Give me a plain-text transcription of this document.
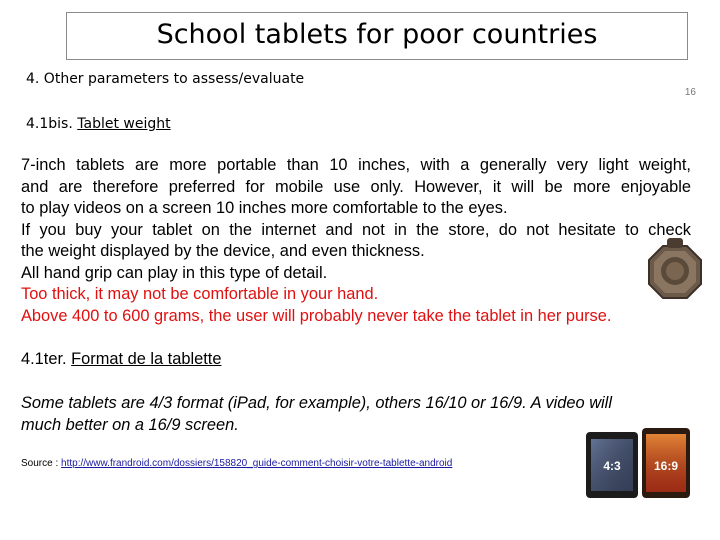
School tablets for poor countries
4. Other parameters to assess/evaluate
16
4.1bis. Tablet weight
7-inch tablets are more portable than 10 inches, with a generally very light weight,
and are therefore preferred for mobile use only. However, it will be more enjoyable
to play videos on a screen 10 inches more comfortable to the eyes.
If you buy your tablet on the internet and not in the store, do not hesitate to check
the weight displayed by the device, and even thickness.
All hand grip can play in this type of detail.
Too thick, it may not be comfortable in your hand.
Above 400 to 600 grams, the user will probably never take the tablet in her purse.
4.1ter. Format de la tablette
Some tablets are 4/3 format (iPad, for example), others 16/10 or 16/9. A video will
much better on a 16/9 screen.
Source : http://www.frandroid.com/dossiers/158820_guide-comment-choisir-votre-tablette-android	4:3	16:9
